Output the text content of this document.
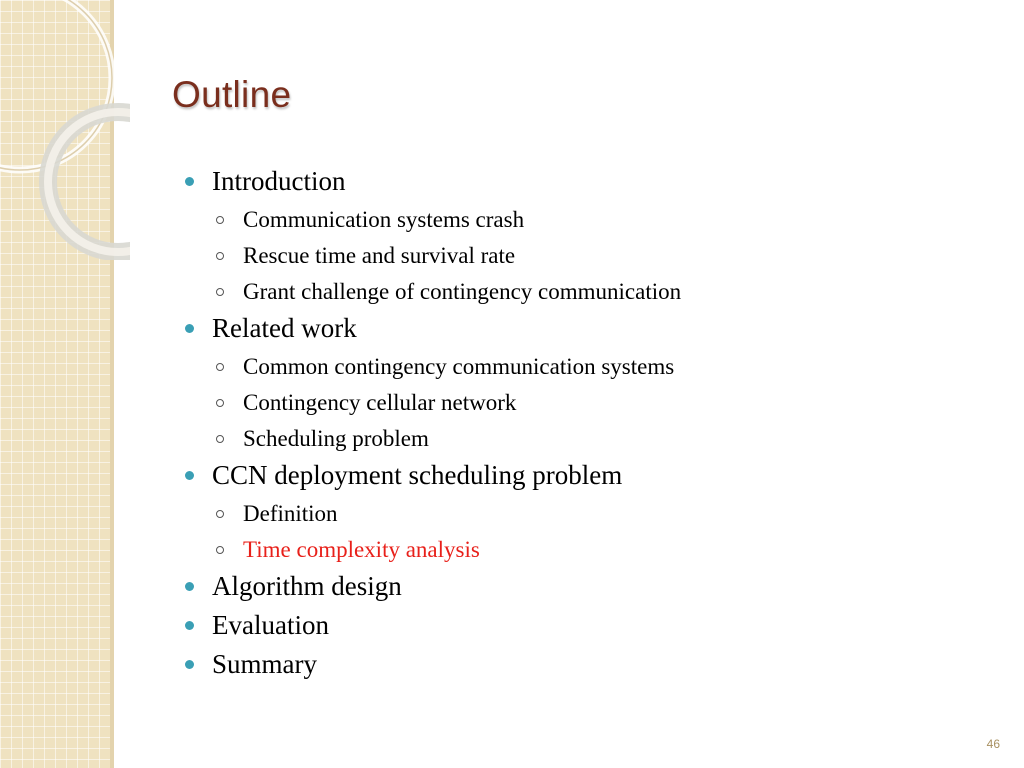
Outline
Introduction
Communication systems crash
Rescue time and survival rate
Grant challenge of contingency communication
Related work
Common contingency communication systems
Contingency cellular network
Scheduling problem
CCN deployment scheduling problem
Definition
Time complexity analysis
Algorithm design
Evaluation
Summary
46
